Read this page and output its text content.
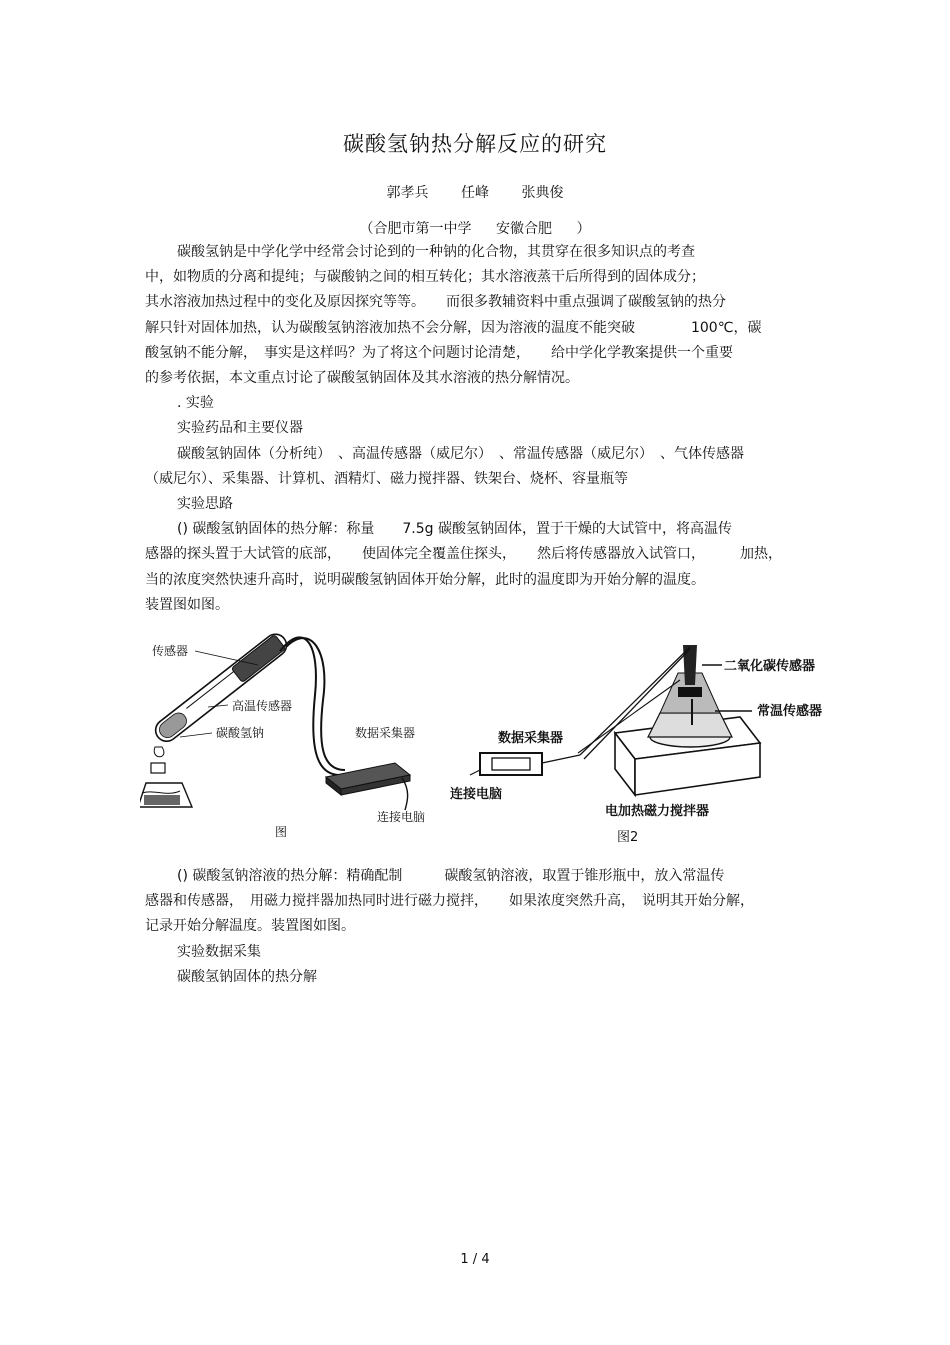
碳酸氢钠热分解反应的研究
郭孝兵 任峰 张典俊
（合肥市第一中学 安徽合肥 ）
碳酸氢钠是中学化学中经常会讨论到的一种钠的化合物，其贯穿在很多知识点的考查
中，如物质的分离和提纯；与碳酸钠之间的相互转化；其水溶液蒸干后所得到的固体成分；
其水溶液加热过程中的变化及原因探究等等。　　而很多教辅资料中重点强调了碳酸氢钠的热分
解只针对固体加热，认为碳酸氢钠溶液加热不会分解，因为溶液的温度不能突破　　　　100℃，碳
酸氢钠不能分解，　事实是这样吗？为了将这个问题讨论清楚，　　给中学化学教案提供一个重要
的参考依据，本文重点讨论了碳酸氢钠固体及其水溶液的热分解情况。
. 实验
实验药品和主要仪器
碳酸氢钠固体（分析纯）　、高温传感器（威尼尔）　、常温传感器（威尼尔）　、气体传感器
（威尼尔）、采集器、计算机、酒精灯、磁力搅拌器、铁架台、烧杯、容量瓶等
实验思路
() 碳酸氢钠固体的热分解：称量　　7.5g 碳酸氢钠固体，置于干燥的大试管中，将高温传
感器的探头置于大试管的底部，　　使固体完全覆盖住探头，　　然后将传感器放入试管口，　　　加热，
当的浓度突然快速升高时，说明碳酸氢钠固体开始分解，此时的温度即为开始分解的温度。
装置图如图。
传感器
高温传感器
碳酸氢钠	数据采集器
连接电脑
图
二氧化碳传感器
常温传感器
数据采集器
连接电脑
电加热磁力搅拌器
图2
() 碳酸氢钠溶液的热分解：精确配制　　　碳酸氢钠溶液，取置于锥形瓶中，放入常温传
感器和传感器，　用磁力搅拌器加热同时进行磁力搅拌，　　如果浓度突然升高，　说明其开始分解，
记录开始分解温度。装置图如图。
实验数据采集
碳酸氢钠固体的热分解
1 / 4
